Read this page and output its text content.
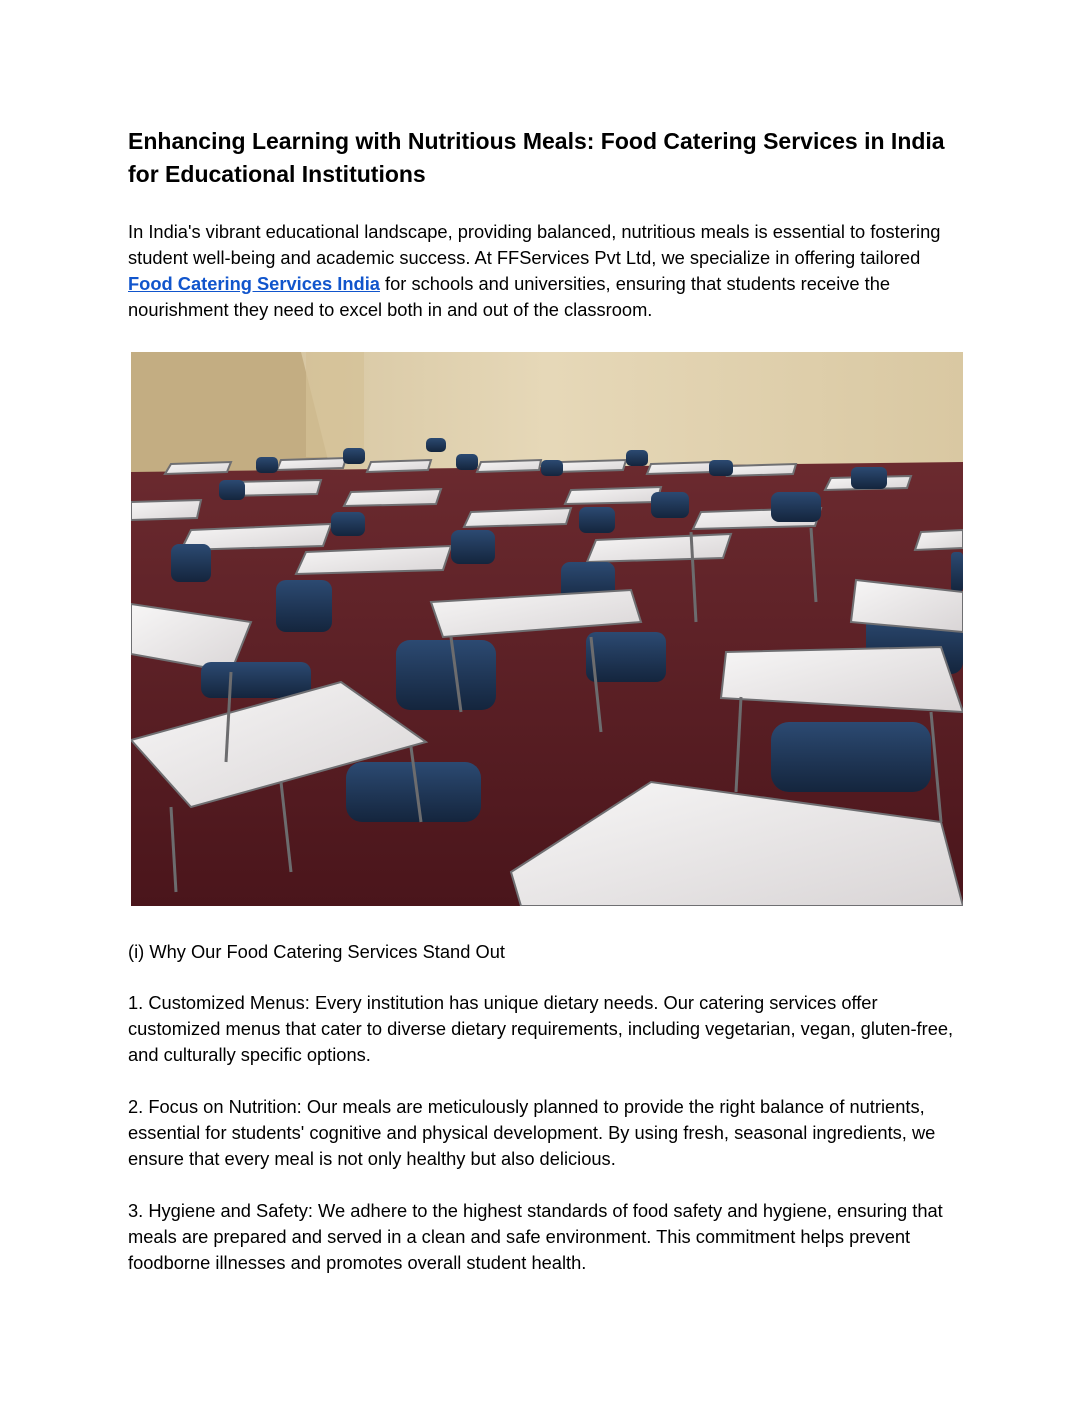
Enhancing Learning with Nutritious Meals: Food Catering Services in India for Educational Institutions

In India's vibrant educational landscape, providing balanced, nutritious meals is essential to fostering student well-being and academic success. At FFServices Pvt Ltd, we specialize in offering tailored Food Catering Services India for schools and universities, ensuring that students receive the nourishment they need to excel both in and out of the classroom.

(i) Why Our Food Catering Services Stand Out

1. Customized Menus: Every institution has unique dietary needs. Our catering services offer customized menus that cater to diverse dietary requirements, including vegetarian, vegan, gluten-free, and culturally specific options.

2. Focus on Nutrition: Our meals are meticulously planned to provide the right balance of nutrients, essential for students' cognitive and physical development. By using fresh, seasonal ingredients, we ensure that every meal is not only healthy but also delicious.

3. Hygiene and Safety: We adhere to the highest standards of food safety and hygiene, ensuring that meals are prepared and served in a clean and safe environment. This commitment helps prevent foodborne illnesses and promotes overall student health.
